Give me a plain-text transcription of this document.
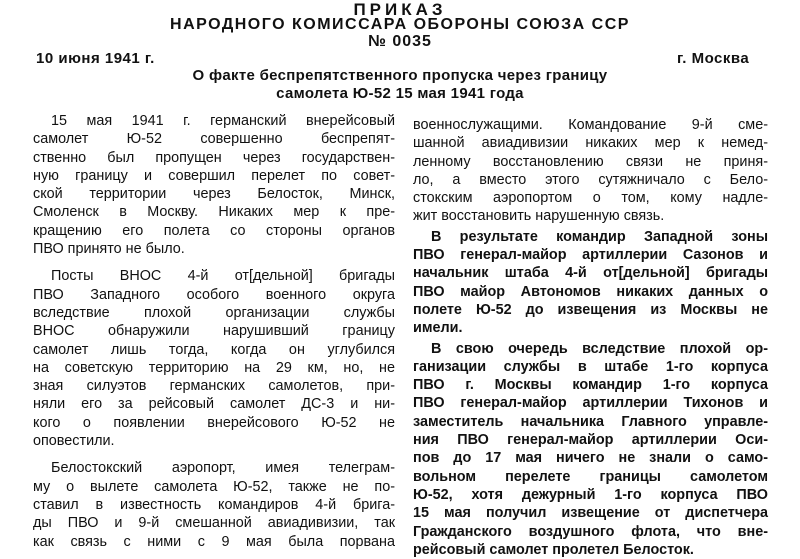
ПРИКАЗ
НАРОДНОГО КОМИССАРА ОБОРОНЫ СОЮЗА ССР
№ 0035
10 июня 1941 г.	г. Москва
О факте беспрепятственного пропуска через границу
самолета Ю-52 15 мая 1941 года
15 мая 1941 г. германский внерейсовый
самолет Ю-52 совершенно беспрепят-
ственно был пропущен через государствен-
ную границу и совершил перелет по совет-
ской территории через Белосток, Минск,
Смоленск в Москву. Никаких мер к пре-
кращению его полета со стороны органов
ПВО принято не было.
Посты ВНОС 4-й от[дельной] бригады
ПВО Западного особого военного округа
вследствие плохой организации службы
ВНОС обнаружили нарушивший границу
самолет лишь тогда, когда он углубился
на советскую территорию на 29 км, но, не
зная силуэтов германских самолетов, при-
няли его за рейсовый самолет ДС-3 и ни-
кого о появлении внерейсового Ю-52 не
оповестили.
Белостокский аэропорт, имея телеграм-
му о вылете самолета Ю-52, также не по-
ставил в известность командиров 4-й брига-
ды ПВО и 9-й смешанной авиадивизии, так
как связь с ними с 9 мая была порвана
военнослужащими. Командование 9-й сме-
шанной авиадивизии никаких мер к немед-
ленному восстановлению связи не приня-
ло, а вместо этого сутяжничало с Бело-
стокским аэропортом о том, кому надле-
жит восстановить нарушенную связь.
В результате командир Западной зоны
ПВО генерал-майор артиллерии Сазонов и
начальник штаба 4-й от[дельной] бригады
ПВО майор Автономов никаких данных о
полете Ю-52 до извещения из Москвы не
имели.
В свою очередь вследствие плохой ор-
ганизации службы в штабе 1-го корпуса
ПВО г. Москвы командир 1-го корпуса
ПВО генерал-майор артиллерии Тихонов и
заместитель начальника Главного управле-
ния ПВО генерал-майор артиллерии Оси-
пов до 17 мая ничего не знали о само-
вольном перелете границы самолетом
Ю-52, хотя дежурный 1-го корпуса ПВО
15 мая получил извещение от диспетчера
Гражданского воздушного флота, что вне-
рейсовый самолет пролетел Белосток.
